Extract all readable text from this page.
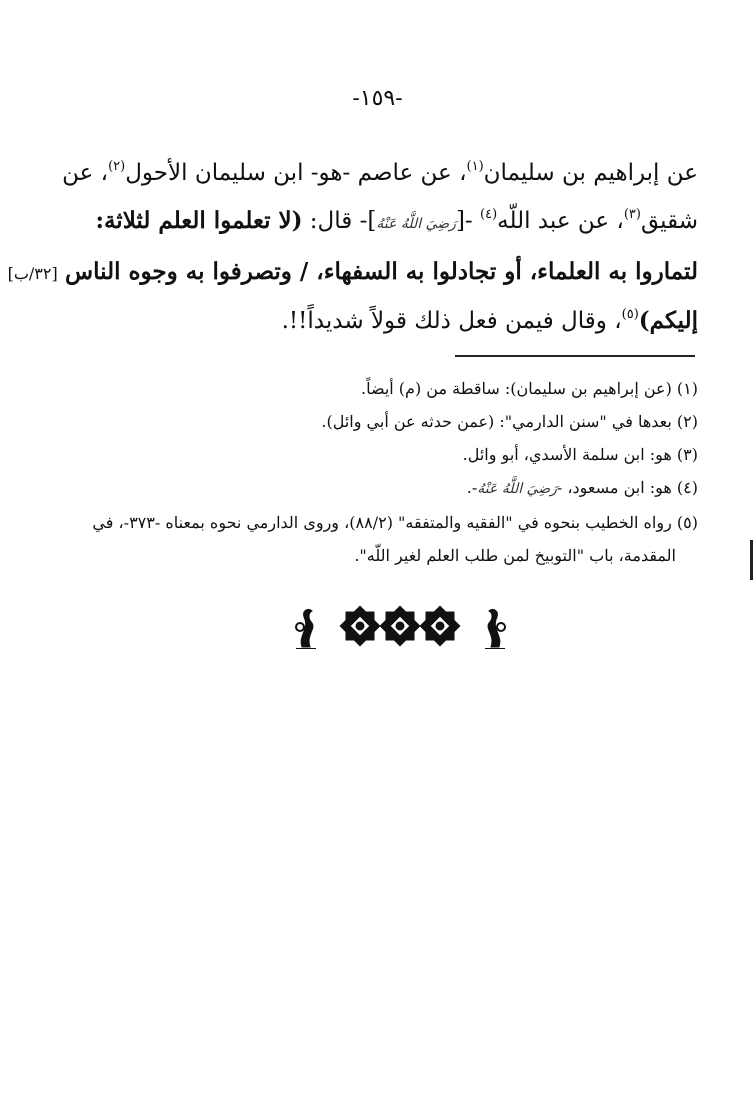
-١٥٩-
عن إبراهيم بن سليمان$^{(١)}$، عن عاصم -هو- ابن سليمان الأحول$^{(٢)}$، عن
شقيق$^{(٣)}$، عن عبد اللّه$^{(٤)}$ -[رَضِيَ اللَّهُ عَنْهُ]- قال: (لا تعلموا العلم لثلاثة:
لتماروا به العلماء، أو تجادلوا به السفهاء، / وتصرفوا به وجوه الناس [٣٢/ب]
إليكم)$^{(٥)}$، وقال فيمن فعل ذلك قولاً شديداً!!.
(١) (عن إبراهيم بن سليمان): ساقطة من (م) أيضاً.
(٢) بعدها في "سنن الدارمي": (عمن حدثه عن أبي وائل).
(٣) هو: ابن سلمة الأسدي، أبو وائل.
(٤) هو: ابن مسعود، -رَضِيَ اللَّهُ عَنْهُ-.
(٥) رواه الخطيب بنحوه في "الفقيه والمتفقه" (٨٨/٢)، وروى الدارمي نحوه بمعناه -٣٧٣-، في
المقدمة، باب "التوبيخ لمن طلب العلم لغير اللّه".
